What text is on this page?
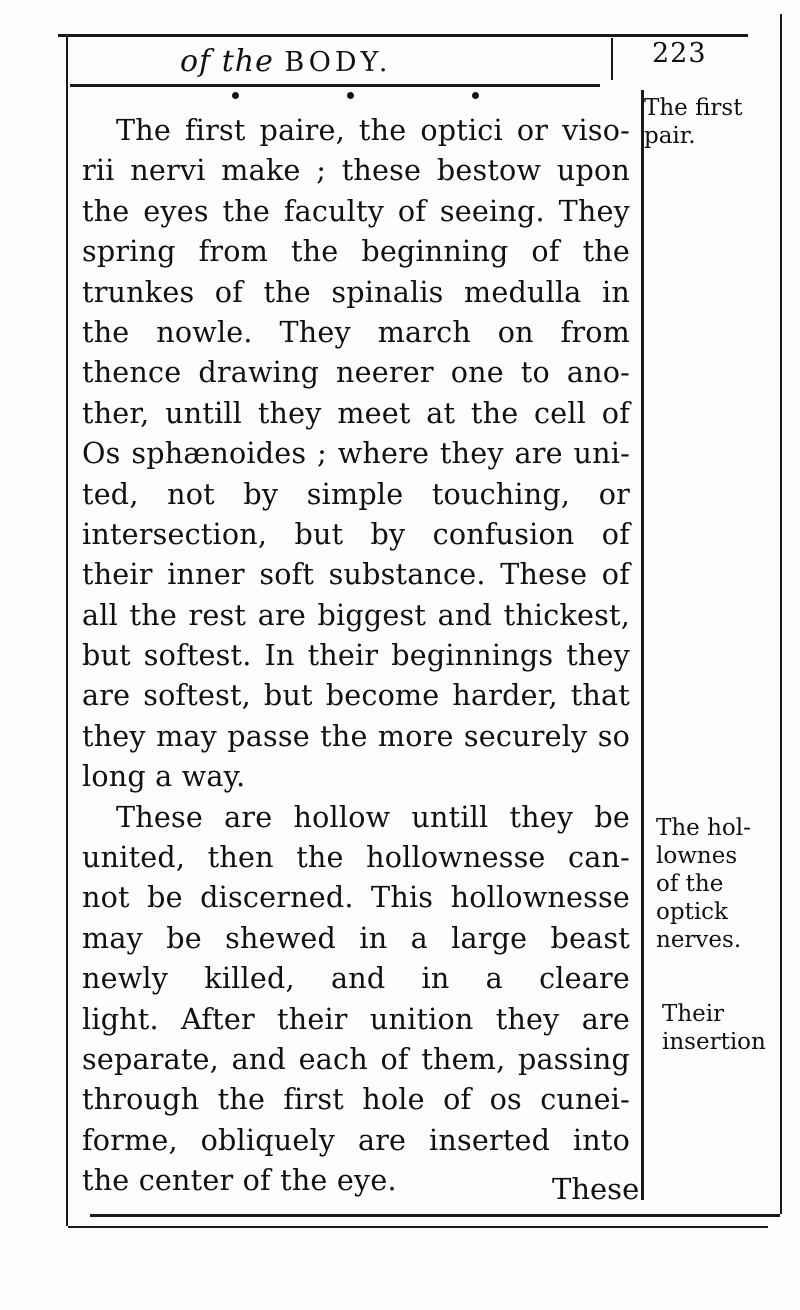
of the BODY.	223
The first paire, the optici or viso-
rii nervi make ; these bestow upon
the eyes the faculty of seeing. They
spring from the beginning of the
trunkes of the spinalis medulla in
the nowle. They march on from
thence drawing neerer one to ano-
ther, untill they meet at the cell of
Os sphænoides ; where they are uni-
ted, not by simple touching, or
intersection, but by confusion of
their inner soft substance. These of
all the rest are biggest and thickest,
but softest. In their beginnings they
are softest, but become harder, that
they may passe the more securely so
long a way.
These are hollow untill they be
united, then the hollownesse can-
not be discerned. This hollownesse
may be shewed in a large beast
newly killed, and in a cleare
light. After their unition they are
separate, and each of them, passing
through the first hole of os cunei-
forme, obliquely are inserted into
the center of the eye.	These
The first
pair.
The hol-
lownes
of the
optick
nerves.
Their
insertion
